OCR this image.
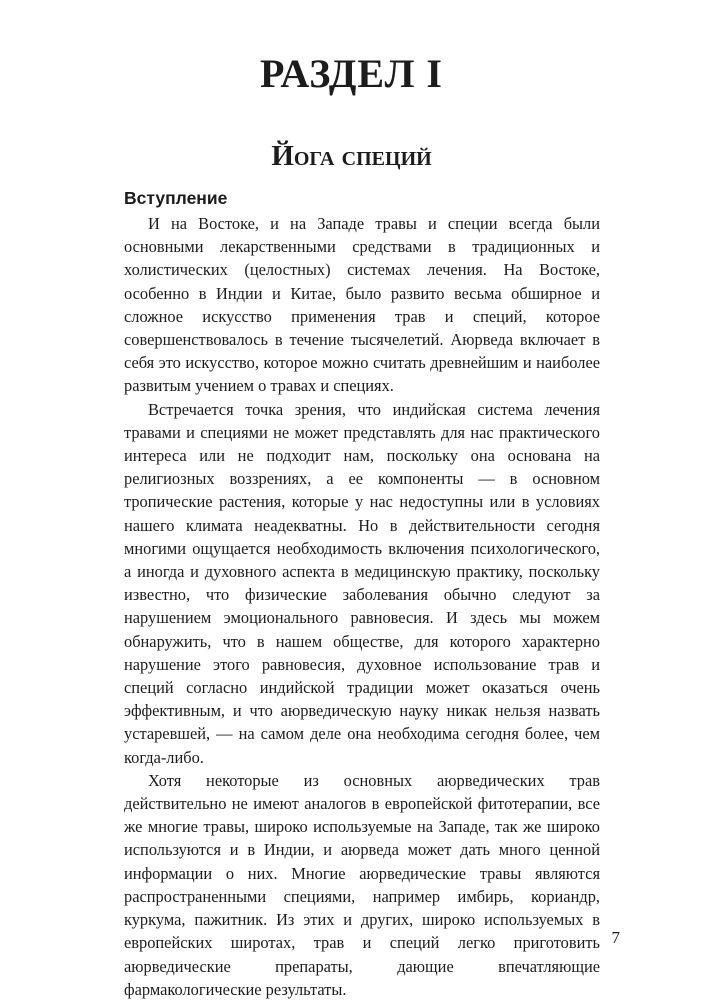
РАЗДЕЛ I
Йога специй
Вступление

И на Востоке, и на Западе травы и специи всегда были основными лекарственными средствами в традиционных и холистических (целостных) системах лечения. На Востоке, особенно в Индии и Китае, было развито весьма обширное и сложное искусство применения трав и специй, которое совершенствовалось в течение тысячелетий. Аюрведа включает в себя это искусство, которое можно считать древнейшим и наиболее развитым учением о травах и специях.

Встречается точка зрения, что индийская система лечения травами и специями не может представлять для нас практического интереса или не подходит нам, поскольку она основана на религиозных воззрениях, а ее компоненты — в основном тропические растения, которые у нас недоступны или в условиях нашего климата неадекватны. Но в действительности сегодня многими ощущается необходимость включения психологического, а иногда и духовного аспекта в медицинскую практику, поскольку известно, что физические заболевания обычно следуют за нарушением эмоционального равновесия. И здесь мы можем обнаружить, что в нашем обществе, для которого характерно нарушение этого равновесия, духовное использование трав и специй согласно индийской традиции может оказаться очень эффективным, и что аюрведическую науку никак нельзя назвать устаревшей, — на самом деле она необходима сегодня более, чем когда-либо.

Хотя некоторые из основных аюрведических трав действительно не имеют аналогов в европейской фитотерапии, все же многие травы, широко используемые на Западе, так же широко используются и в Индии, и аюрведа может дать много ценной информации о них. Многие аюрведические травы являются распространенными специями, например имбирь, кориандр, куркума, пажитник. Из этих и других, широко используемых в европейских широтах, трав и специй легко приготовить аюрведические препараты, дающие впечатляющие фармакологические результаты.

7
